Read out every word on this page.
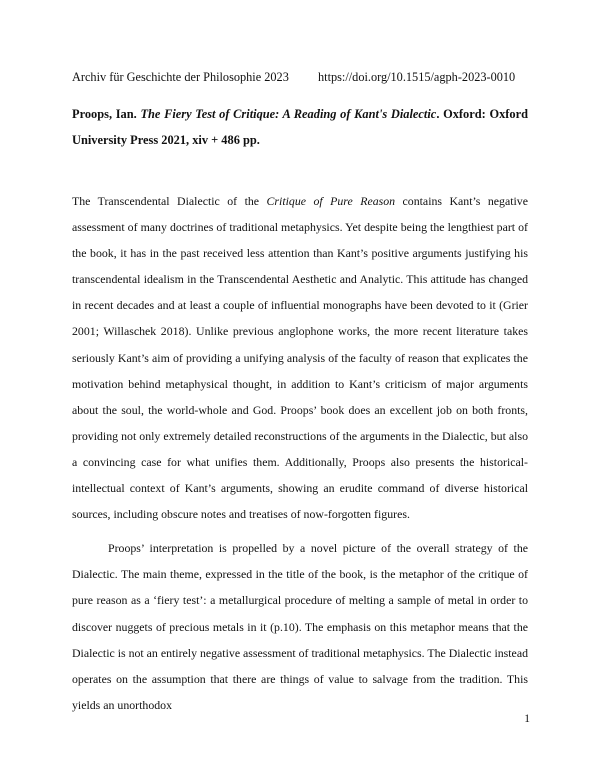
Archiv für Geschichte der Philosophie 2023 https://doi.org/10.1515/agph-2023-0010
Proops, Ian. The Fiery Test of Critique: A Reading of Kant's Dialectic. Oxford: Oxford University Press 2021, xiv + 486 pp.

The Transcendental Dialectic of the Critique of Pure Reason contains Kant’s negative assessment of many doctrines of traditional metaphysics. Yet despite being the lengthiest part of the book, it has in the past received less attention than Kant’s positive arguments justifying his transcendental idealism in the Transcendental Aesthetic and Analytic. This attitude has changed in recent decades and at least a couple of influential monographs have been devoted to it (Grier 2001; Willaschek 2018). Unlike previous anglophone works, the more recent literature takes seriously Kant’s aim of providing a unifying analysis of the faculty of reason that explicates the motivation behind metaphysical thought, in addition to Kant’s criticism of major arguments about the soul, the world-whole and God. Proops’ book does an excellent job on both fronts, providing not only extremely detailed reconstructions of the arguments in the Dialectic, but also a convincing case for what unifies them. Additionally, Proops also presents the historical-intellectual context of Kant’s arguments, showing an erudite command of diverse historical sources, including obscure notes and treatises of now-forgotten figures.

Proops’ interpretation is propelled by a novel picture of the overall strategy of the Dialectic. The main theme, expressed in the title of the book, is the metaphor of the critique of pure reason as a ‘fiery test’: a metallurgical procedure of melting a sample of metal in order to discover nuggets of precious metals in it (p.10). The emphasis on this metaphor means that the Dialectic is not an entirely negative assessment of traditional metaphysics. The Dialectic instead operates on the assumption that there are things of value to salvage from the tradition. This yields an unorthodox

1
